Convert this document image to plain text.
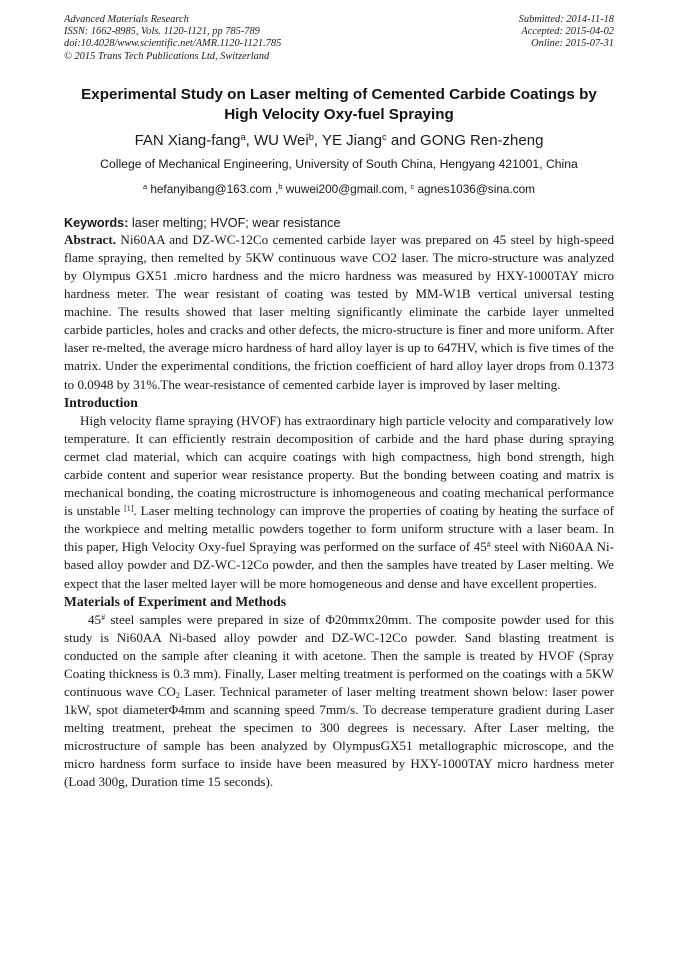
Advanced Materials Research
ISSN: 1662-8985, Vols. 1120-1121, pp 785-789
doi:10.4028/www.scientific.net/AMR.1120-1121.785
© 2015 Trans Tech Publications Ltd, Switzerland
Submitted: 2014-11-18
Accepted: 2015-04-02
Online: 2015-07-31
Experimental Study on Laser melting of Cemented Carbide Coatings by
High Velocity Oxy-fuel Spraying
FAN Xiang-fang$^a$, WU Wei$^b$, YE Jiang$^c$ and GONG Ren-zheng
College of Mechanical Engineering, University of South China, Hengyang 421001, China
$^a$ hefanyibang@163.com ,$^b$ wuwei200@gmail.com, $^c$ agnes1036@sina.com
Keywords: laser melting; HVOF; wear resistance

Abstract. Ni60AA and DZ-WC-12Co cemented carbide layer was prepared on 45 steel by high-speed flame spraying, then remelted by 5KW continuous wave CO2 laser. The micro-structure was analyzed by Olympus GX51 .micro hardness and the micro hardness was measured by HXY-1000TAY micro hardness meter. The wear resistant of coating was tested by MM-W1B vertical universal testing machine. The results showed that laser melting significantly eliminate the carbide layer unmelted carbide particles, holes and cracks and other defects, the micro-structure is finer and more uniform. After laser re-melted, the average micro hardness of hard alloy layer is up to 647HV, which is five times of the matrix. Under the experimental conditions, the friction coefficient of hard alloy layer drops from 0.1373 to 0.0948 by 31%.The wear-resistance of cemented carbide layer is improved by laser melting.

Introduction

High velocity flame spraying (HVOF) has extraordinary high particle velocity and comparatively low temperature. It can efficiently restrain decomposition of carbide and the hard phase during spraying cermet clad material, which can acquire coatings with high compactness, high bond strength, high carbide content and superior wear resistance property. But the bonding between coating and matrix is mechanical bonding, the coating microstructure is inhomogeneous and coating mechanical performance is unstable [1]. Laser melting technology can improve the properties of coating by heating the surface of the workpiece and melting metallic powders together to form uniform structure with a laser beam. In this paper, High Velocity Oxy-fuel Spraying was performed on the surface of 45# steel with Ni60AA Ni-based alloy powder and DZ-WC-12Co powder, and then the samples have treated by Laser melting. We expect that the laser melted layer will be more homogeneous and dense and have excellent properties.

Materials of Experiment and Methods

45# steel samples were prepared in size of Φ20mmx20mm. The composite powder used for this study is Ni60AA Ni-based alloy powder and DZ-WC-12Co powder. Sand blasting treatment is conducted on the sample after cleaning it with acetone. Then the sample is treated by HVOF (Spray Coating thickness is 0.3 mm). Finally, Laser melting treatment is performed on the coatings with a 5KW continuous wave $CO_2$ Laser. Technical parameter of laser melting treatment shown below: laser power 1kW, spot diameterΦ4mm and scanning speed 7mm/s. To decrease temperature gradient during Laser melting treatment, preheat the specimen to 300 degrees is necessary. After Laser melting, the microstructure of sample has been analyzed by OlympusGX51 metallographic microscope, and the micro hardness form surface to inside have been measured by HXY-1000TAY micro hardness meter (Load 300g, Duration time 15 seconds).
